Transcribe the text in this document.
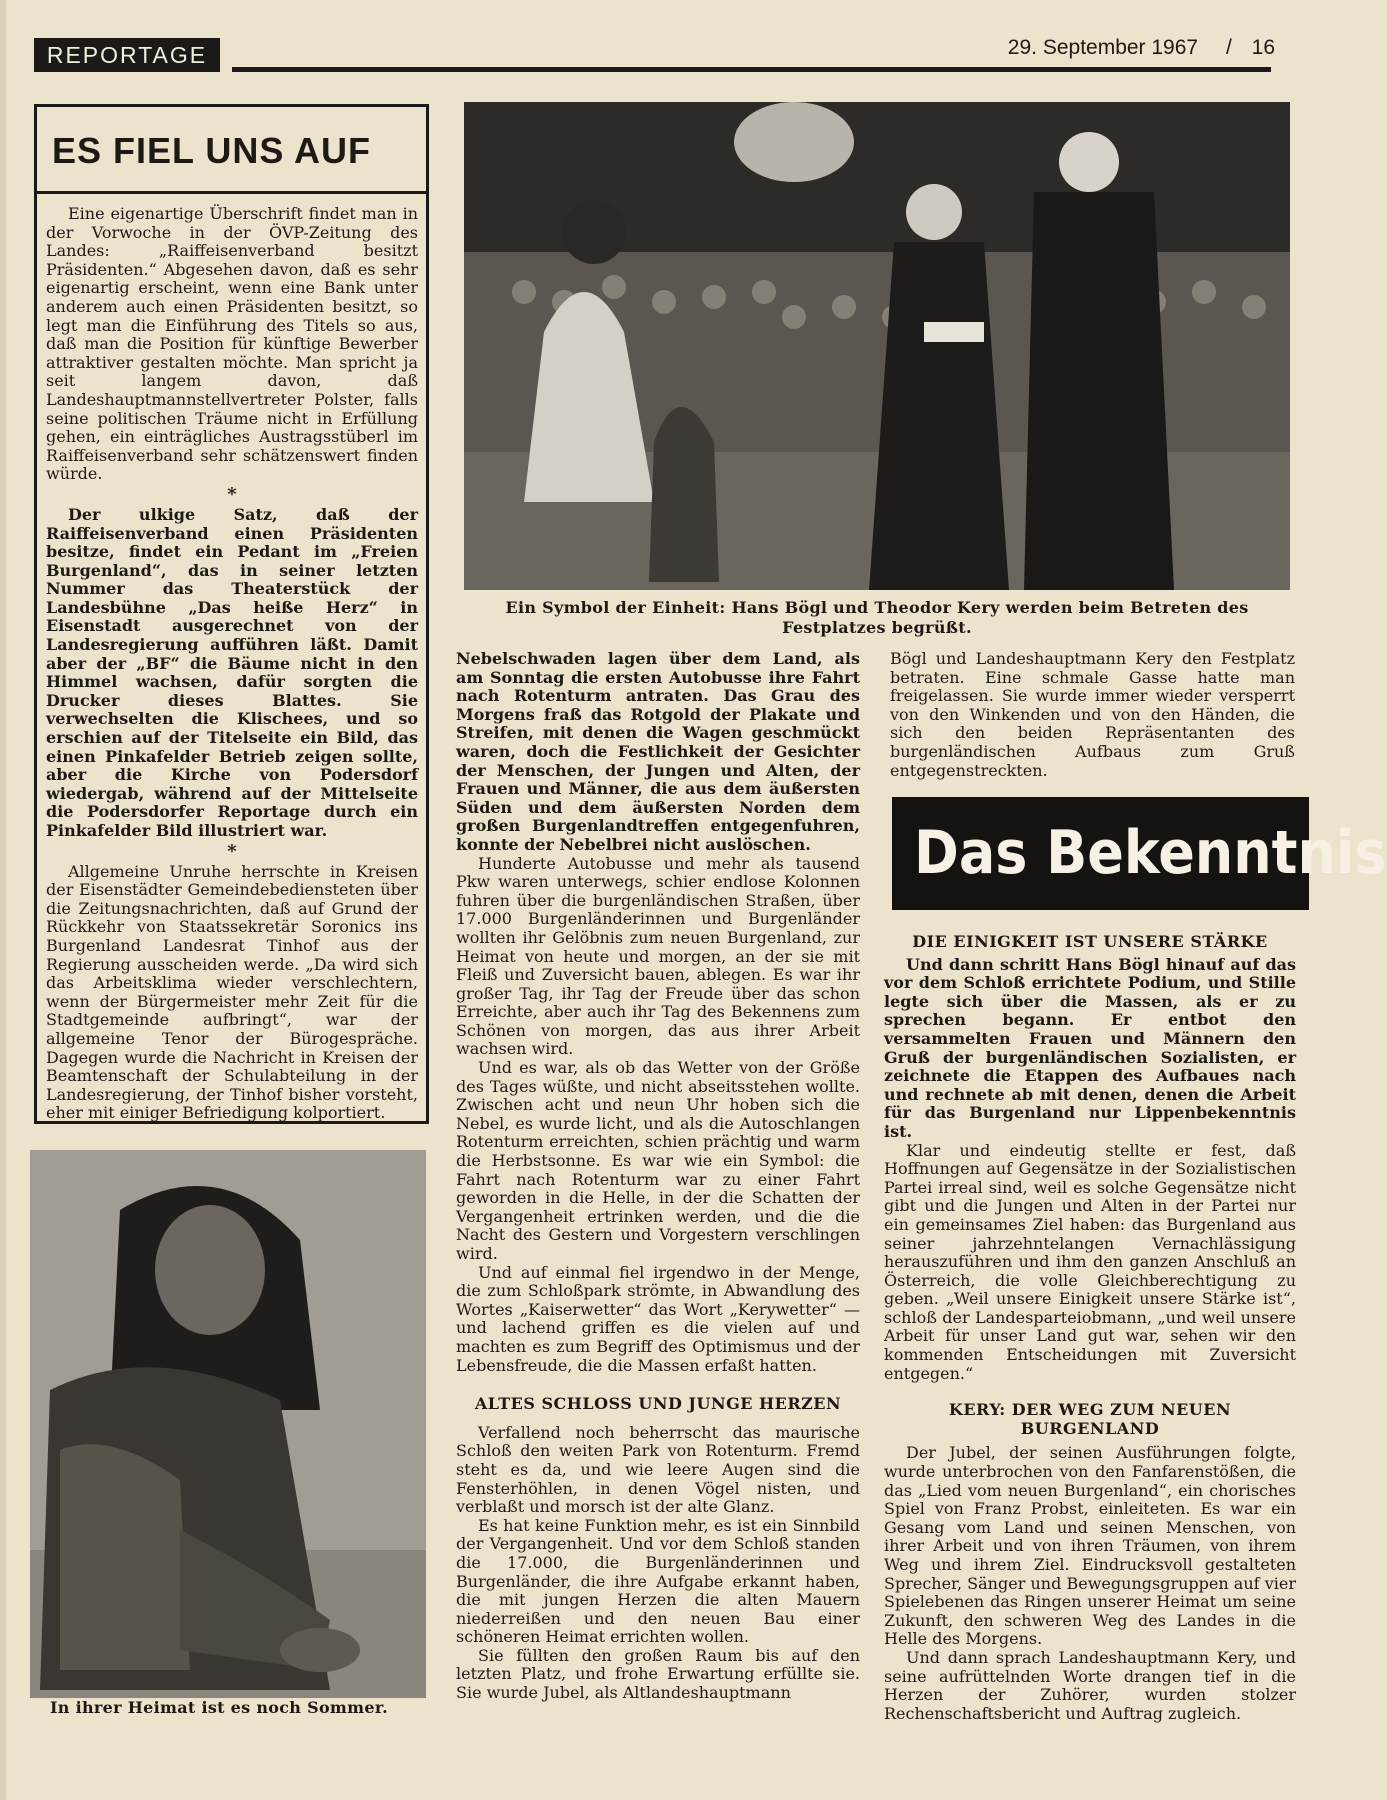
REPORTAGE	29. September 1967 / 16
ES FIEL UNS AUF

Eine eigenartige Überschrift findet man in der Vorwoche in der ÖVP-Zeitung des Landes: „Raiffeisenverband besitzt Präsidenten.“ Abgesehen davon, daß es sehr eigenartig erscheint, wenn eine Bank unter anderem auch einen Präsidenten besitzt, so legt man die Einführung des Titels so aus, daß man die Position für künftige Bewerber attraktiver gestalten möchte. Man spricht ja seit langem davon, daß Landeshauptmannstellvertreter Polster, falls seine politischen Träume nicht in Erfüllung gehen, ein einträgliches Austragsstüberl im Raiffeisenverband sehr schätzenswert finden würde.

*

Der ulkige Satz, daß der Raiffeisenverband einen Präsidenten besitze, findet ein Pedant im „Freien Burgenland“, das in seiner letzten Nummer das Theaterstück der Landesbühne „Das heiße Herz“ in Eisenstadt ausgerechnet von der Landesregierung aufführen läßt. Damit aber der „BF“ die Bäume nicht in den Himmel wachsen, dafür sorgten die Drucker dieses Blattes. Sie verwechselten die Klischees, und so erschien auf der Titelseite ein Bild, das einen Pinkafelder Betrieb zeigen sollte, aber die Kirche von Podersdorf wiedergab, während auf der Mittelseite die Podersdorfer Reportage durch ein Pinkafelder Bild illustriert war.

*

Allgemeine Unruhe herrschte in Kreisen der Eisenstädter Gemeindebediensteten über die Zeitungsnachrichten, daß auf Grund der Rückkehr von Staatssekretär Soronics ins Burgenland Landesrat Tinhof aus der Regierung ausscheiden werde. „Da wird sich das Arbeitsklima wieder verschlechtern, wenn der Bürgermeister mehr Zeit für die Stadtgemeinde aufbringt“, war der allgemeine Tenor der Bürogespräche. Dagegen wurde die Nachricht in Kreisen der Beamtenschaft der Schulabteilung in der Landesregierung, der Tinhof bisher vorsteht, eher mit einiger Befriedigung kolportiert.

Ein Symbol der Einheit: Hans Bögl und Theodor Kery werden beim Betreten des Festplatzes begrüßt.
In ihrer Heimat ist es noch Sommer.

Nebelschwaden lagen über dem Land, als am Sonntag die ersten Autobusse ihre Fahrt nach Rotenturm antraten. Das Grau des Morgens fraß das Rotgold der Plakate und Streifen, mit denen die Wagen geschmückt waren, doch die Festlichkeit der Gesichter der Menschen, der Jungen und Alten, der Frauen und Männer, die aus dem äußersten Süden und dem äußersten Norden dem großen Burgenlandtreffen entgegenfuhren, konnte der Nebelbrei nicht auslöschen.

Hunderte Autobusse und mehr als tausend Pkw waren unterwegs, schier endlose Kolonnen fuhren über die burgenländischen Straßen, über 17.000 Burgenländerinnen und Burgenländer wollten ihr Gelöbnis zum neuen Burgenland, zur Heimat von heute und morgen, an der sie mit Fleiß und Zuversicht bauen, ablegen. Es war ihr großer Tag, ihr Tag der Freude über das schon Erreichte, aber auch ihr Tag des Bekennens zum Schönen von morgen, das aus ihrer Arbeit wachsen wird.

Und es war, als ob das Wetter von der Größe des Tages wüßte, und nicht abseitsstehen wollte. Zwischen acht und neun Uhr hoben sich die Nebel, es wurde licht, und als die Autoschlangen Rotenturm erreichten, schien prächtig und warm die Herbstsonne. Es war wie ein Symbol: die Fahrt nach Rotenturm war zu einer Fahrt geworden in die Helle, in der die Schatten der Vergangenheit ertrinken werden, und die die Nacht des Gestern und Vorgestern verschlingen wird.

Und auf einmal fiel irgendwo in der Menge, die zum Schloßpark strömte, in Abwandlung des Wortes „Kaiserwetter“ das Wort „Kerywetter“ — und lachend griffen es die vielen auf und machten es zum Begriff des Optimismus und der Lebensfreude, die die Massen erfaßt hatten.

ALTES SCHLOSS UND JUNGE HERZEN

Verfallend noch beherrscht das maurische Schloß den weiten Park von Rotenturm. Fremd steht es da, und wie leere Augen sind die Fensterhöhlen, in denen Vögel nisten, und verblaßt und morsch ist der alte Glanz.

Es hat keine Funktion mehr, es ist ein Sinnbild der Vergangenheit. Und vor dem Schloß standen die 17.000, die Burgenländerinnen und Burgenländer, die ihre Aufgabe erkannt haben, die mit jungen Herzen die alten Mauern niederreißen und den neuen Bau einer schöneren Heimat errichten wollen.

Sie füllten den großen Raum bis auf den letzten Platz, und frohe Erwartung erfüllte sie. Sie wurde Jubel, als Altlandeshauptmann

Bögl und Landeshauptmann Kery den Festplatz betraten. Eine schmale Gasse hatte man freigelassen. Sie wurde immer wieder versperrt von den Winkenden und von den Händen, die sich den beiden Repräsentanten des burgenländischen Aufbaus zum Gruß entgegenstreckten.

Das Bekenntnis
DIE EINIGKEIT IST UNSERE STÄRKE

Und dann schritt Hans Bögl hinauf auf das vor dem Schloß errichtete Podium, und Stille legte sich über die Massen, als er zu sprechen begann. Er entbot den versammelten Frauen und Männern den Gruß der burgenländischen Sozialisten, er zeichnete die Etappen des Aufbaues nach und rechnete ab mit denen, denen die Arbeit für das Burgenland nur Lippenbekenntnis ist.

Klar und eindeutig stellte er fest, daß Hoffnungen auf Gegensätze in der Sozialistischen Partei irreal sind, weil es solche Gegensätze nicht gibt und die Jungen und Alten in der Partei nur ein gemeinsames Ziel haben: das Burgenland aus seiner jahrzehntelangen Vernachlässigung herauszuführen und ihm den ganzen Anschluß an Österreich, die volle Gleichberechtigung zu geben. „Weil unsere Einigkeit unsere Stärke ist“, schloß der Landesparteiobmann, „und weil unsere Arbeit für unser Land gut war, sehen wir den kommenden Entscheidungen mit Zuversicht entgegen.“

KERY: DER WEG ZUM NEUEN BURGENLAND

Der Jubel, der seinen Ausführungen folgte, wurde unterbrochen von den Fanfarenstößen, die das „Lied vom neuen Burgenland“, ein chorisches Spiel von Franz Probst, einleiteten. Es war ein Gesang vom Land und seinen Menschen, von ihrer Arbeit und von ihren Träumen, von ihrem Weg und ihrem Ziel. Eindrucksvoll gestalteten Sprecher, Sänger und Bewegungsgruppen auf vier Spielebenen das Ringen unserer Heimat um seine Zukunft, den schweren Weg des Landes in die Helle des Morgens.

Und dann sprach Landeshauptmann Kery, und seine aufrüttelnden Worte drangen tief in die Herzen der Zuhörer, wurden stolzer Rechenschaftsbericht und Auftrag zugleich.
